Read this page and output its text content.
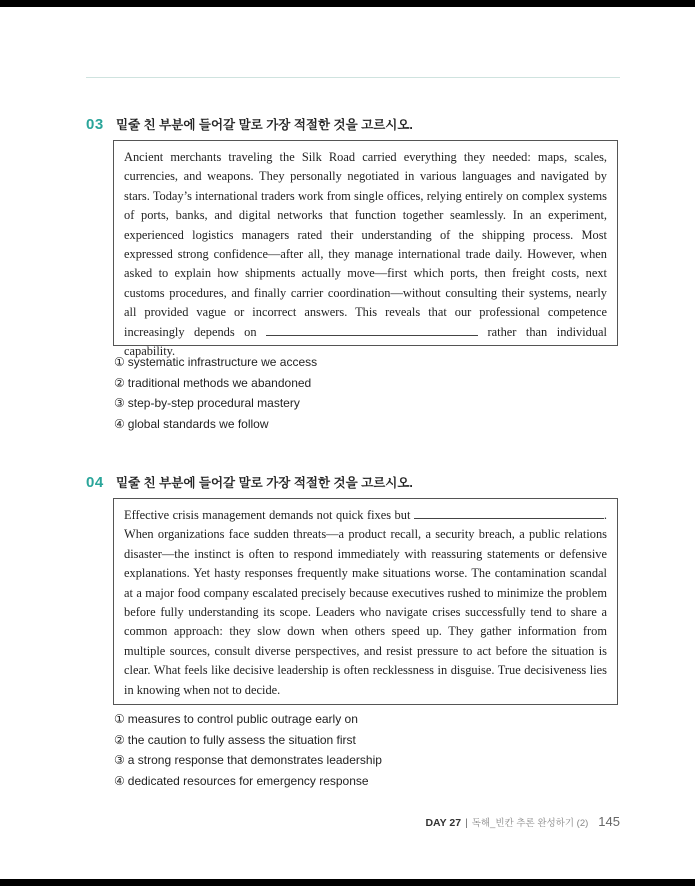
03 밑줄 친 부분에 들어갈 말로 가장 적절한 것을 고르시오.
Ancient merchants traveling the Silk Road carried everything they needed: maps, scales, currencies, and weapons. They personally negotiated in various languages and navigated by stars. Today’s international traders work from single offices, relying entirely on complex systems of ports, banks, and digital networks that function together seamlessly. In an experiment, experienced logistics managers rated their understanding of the shipping process. Most expressed strong confidence—after all, they manage international trade daily. However, when asked to explain how shipments actually move—first which ports, then freight costs, next customs procedures, and finally carrier coordination—without consulting their systems, nearly all provided vague or incorrect answers. This reveals that our professional competence increasingly depends on	rather than individual capability.
① systematic infrastructure we access
② traditional methods we abandoned
③ step-by-step procedural mastery
④ global standards we follow
04 밑줄 친 부분에 들어갈 말로 가장 적절한 것을 고르시오.
Effective crisis management demands not quick fixes but	. When organizations face sudden threats—a product recall, a security breach, a public relations disaster—the instinct is often to respond immediately with reassuring statements or defensive explanations. Yet hasty responses frequently make situations worse. The contamination scandal at a major food company escalated precisely because executives rushed to minimize the problem before fully understanding its scope. Leaders who navigate crises successfully tend to share a common approach: they slow down when others speed up. They gather information from multiple sources, consult diverse perspectives, and resist pressure to act before the situation is clear. What feels like decisive leadership is often recklessness in disguise. True decisiveness lies in knowing when not to decide.
① measures to control public outrage early on
② the caution to fully assess the situation first
③ a strong response that demonstrates leadership
④ dedicated resources for emergency response
DAY 27 | 독해_빈칸 추론 완성하기 (2) 145
